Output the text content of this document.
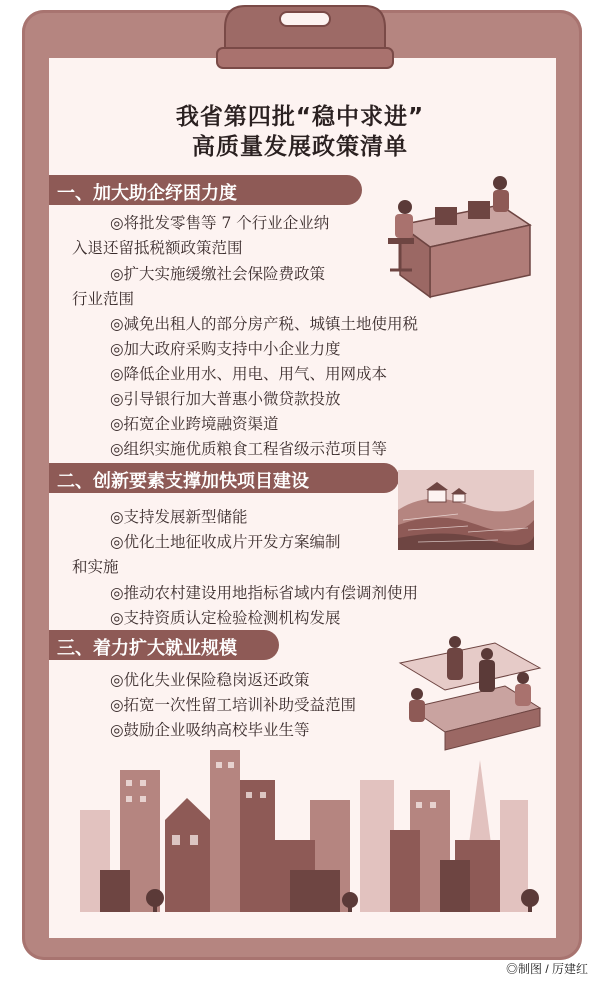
我省第四批“稳中求进”
高质量发展政策清单
一、加大助企纾困力度
◎将批发零售等 7 个行业企业纳
入退还留抵税额政策范围
◎扩大实施缓缴社会保险费政策
行业范围
◎减免出租人的部分房产税、城镇土地使用税
◎加大政府采购支持中小企业力度
◎降低企业用水、用电、用气、用网成本
◎引导银行加大普惠小微贷款投放
◎拓宽企业跨境融资渠道
◎组织实施优质粮食工程省级示范项目等
二、创新要素支撑加快项目建设
◎支持发展新型储能
◎优化土地征收成片开发方案编制
和实施
◎推动农村建设用地指标省域内有偿调剂使用
◎支持资质认定检验检测机构发展
三、着力扩大就业规模
◎优化失业保险稳岗返还政策
◎拓宽一次性留工培训补助受益范围
◎鼓励企业吸纳高校毕业生等
◎制图 / 厉建红
